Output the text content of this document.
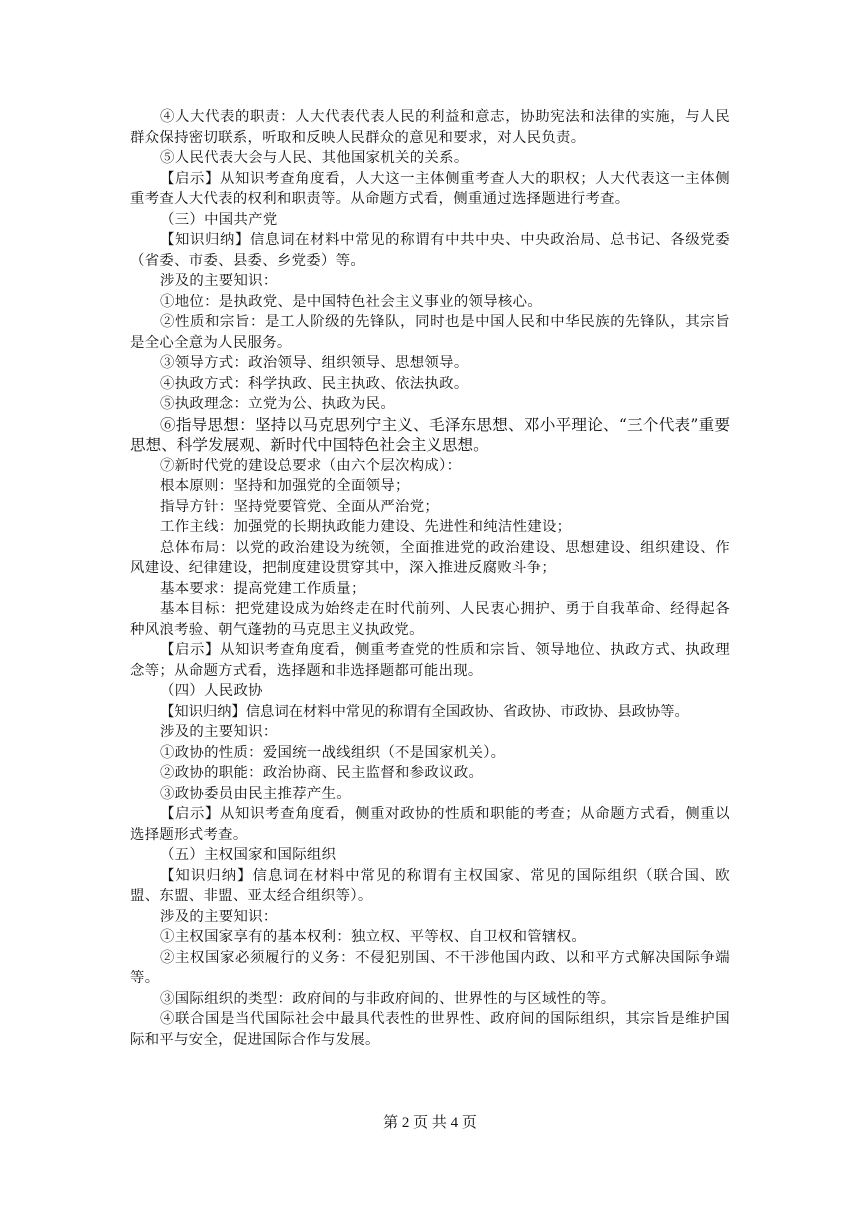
④人大代表的职责：人大代表代表人民的利益和意志，协助宪法和法律的实施，与人民群众保持密切联系，听取和反映人民群众的意见和要求，对人民负责。

⑤人民代表大会与人民、其他国家机关的关系。

【启示】从知识考查角度看，人大这一主体侧重考查人大的职权；人大代表这一主体侧重考查人大代表的权利和职责等。从命题方式看，侧重通过选择题进行考查。

（三）中国共产党

【知识归纳】信息词在材料中常见的称谓有中共中央、中央政治局、总书记、各级党委（省委、市委、县委、乡党委）等。

涉及的主要知识：

①地位：是执政党、是中国特色社会主义事业的领导核心。

②性质和宗旨：是工人阶级的先锋队，同时也是中国人民和中华民族的先锋队，其宗旨是全心全意为人民服务。

③领导方式：政治领导、组织领导、思想领导。

④执政方式：科学执政、民主执政、依法执政。

⑤执政理念：立党为公、执政为民。

⑥指导思想：坚持以马克思列宁主义、毛泽东思想、邓小平理论、“三个代表”重要思想、科学发展观、新时代中国特色社会主义思想。

⑦新时代党的建设总要求（由六个层次构成）：

根本原则：坚持和加强党的全面领导；

指导方针：坚持党要管党、全面从严治党；

工作主线：加强党的长期执政能力建设、先进性和纯洁性建设；

总体布局：以党的政治建设为统领，全面推进党的政治建设、思想建设、组织建设、作风建设、纪律建设，把制度建设贯穿其中，深入推进反腐败斗争；

基本要求：提高党建工作质量；

基本目标：把党建设成为始终走在时代前列、人民衷心拥护、勇于自我革命、经得起各种风浪考验、朝气蓬勃的马克思主义执政党。

【启示】从知识考查角度看，侧重考查党的性质和宗旨、领导地位、执政方式、执政理念等；从命题方式看，选择题和非选择题都可能出现。

（四）人民政协

【知识归纳】信息词在材料中常见的称谓有全国政协、省政协、市政协、县政协等。

涉及的主要知识：

①政协的性质：爱国统一战线组织（不是国家机关）。

②政协的职能：政治协商、民主监督和参政议政。

③政协委员由民主推荐产生。

【启示】从知识考查角度看，侧重对政协的性质和职能的考查；从命题方式看，侧重以选择题形式考查。

（五）主权国家和国际组织

【知识归纳】信息词在材料中常见的称谓有主权国家、常见的国际组织（联合国、欧盟、东盟、非盟、亚太经合组织等）。

涉及的主要知识：

①主权国家享有的基本权利：独立权、平等权、自卫权和管辖权。

②主权国家必须履行的义务：不侵犯别国、不干涉他国内政、以和平方式解决国际争端等。

③国际组织的类型：政府间的与非政府间的、世界性的与区域性的等。

④联合国是当代国际社会中最具代表性的世界性、政府间的国际组织，其宗旨是维护国际和平与安全，促进国际合作与发展。

第 2 页 共 4 页
